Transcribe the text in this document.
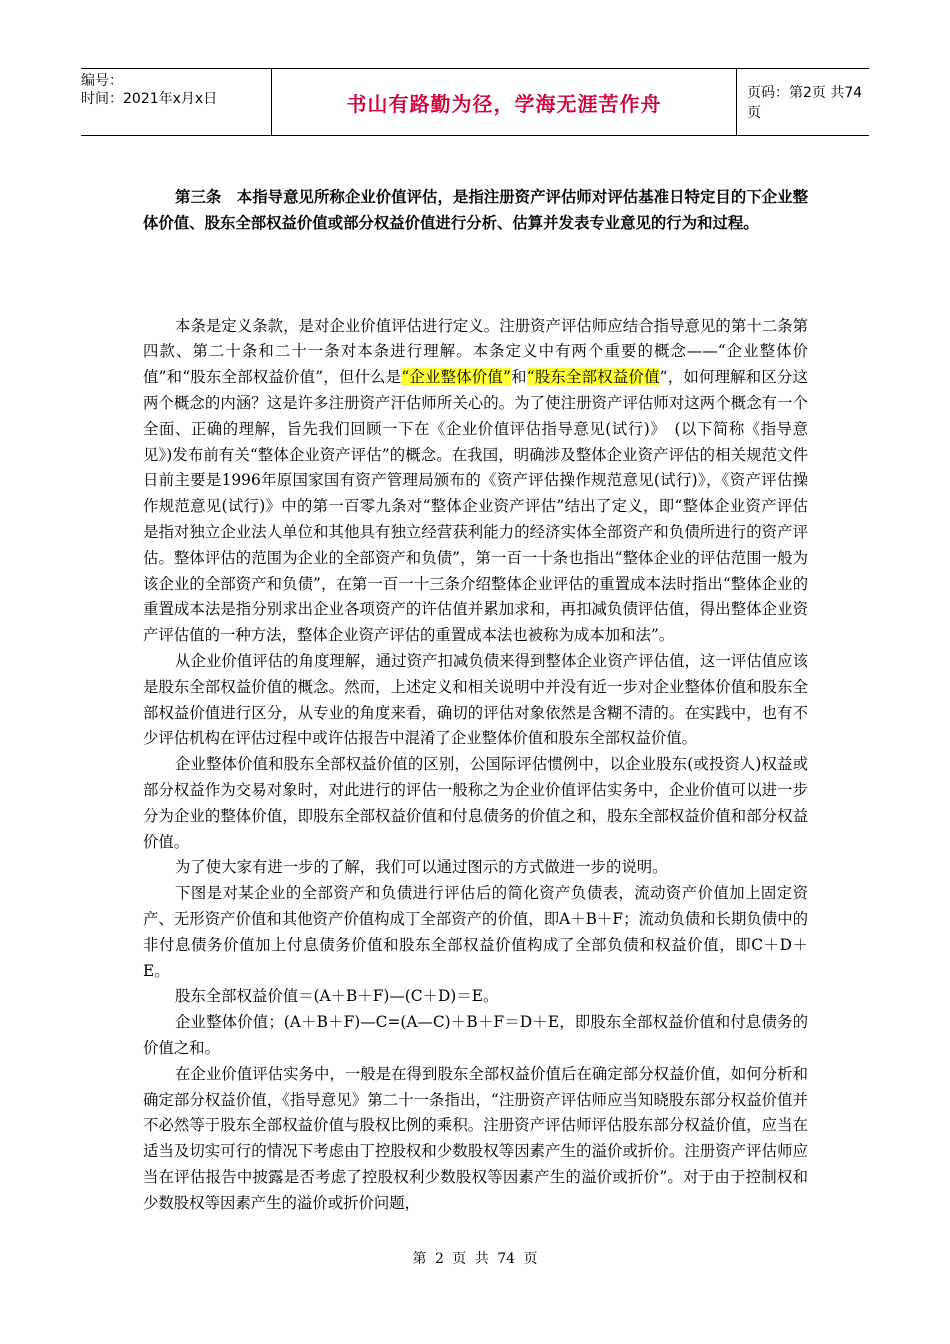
编号：
时间：2021年x月x日	书山有路勤为径，学海无涯苦作舟	页码：第2页 共74页

第三条　本指导意见所称企业价值评估，是指注册资产评估师对评估基准日特定目的下企业整体价值、股东全部权益价值或部分权益价值进行分析、估算并发表专业意见的行为和过程。

本条是定义条款，是对企业价值评估进行定义。注册资产评估师应结合指导意见的第十二条第四款、第二十条和二十一条对本条进行理解。本条定义中有两个重要的概念——“企业整体价值”和“股东全部权益价值”，但什么是“企业整体价值”和“股东全部权益价值”，如何理解和区分这两个概念的内涵？这是许多注册资产汗估师所关心的。为了使注册资产评估师对这两个概念有一个全面、正确的理解，旨先我们回顾一下在《企业价值评估指导意见(试行)》　(以下简称《指导意见》)发布前有关“整体企业资产评估”的概念。在我国，明确涉及整体企业资产评估的相关规范文件日前主要是1996年原国家国有资产管理局颁布的《资产评估操作规范意见(试行)》，《资产评估操作规范意见(试行)》中的第一百零九条对“整体企业资产评估”结出了定义，即“整体企业资产评估是指对独立企业法人单位和其他具有独立经营获利能力的经济实体全部资产和负债所进行的资产评估。整体评估的范围为企业的全部资产和负债”，第一百一十条也指出“整体企业的评估范围一般为该企业的全部资产和负债”，在第一百一十三条介绍整体企业评估的重置成本法时指出“整体企业的重置成本法是指分别求出企业各项资产的许估值并累加求和，再扣减负债评估值，得出整体企业资产评估值的一种方法，整体企业资产评估的重置成本法也被称为成本加和法”。

从企业价值评估的角度理解，通过资产扣减负债来得到整体企业资产评估值，这一评估值应该是股东全部权益价值的概念。然而，上述定义和相关说明中并没有近一步对企业整体价值和股东全部权益价值进行区分，从专业的角度来看，确切的评估对象依然是含糊不清的。在实践中，也有不少评估机构在评估过程中或许估报告中混淆了企业整体价值和股东全部权益价值。

企业整体价值和股东全部权益价值的区别，公国际评估惯例中，以企业股东(或投资人)权益或部分权益作为交易对象时，对此进行的评估一般称之为企业价值评估实务中，企业价值可以进一步分为企业的整体价值，即股东全部权益价值和付息债务的价值之和，股东全部权益价值和部分权益价值。

为了使大家有进一步的了解，我们可以通过图示的方式做进一步的说明。

下图是对某企业的全部资产和负债进行评估后的简化资产负债表，流动资产价值加上固定资产、无形资产价值和其他资产价值构成丁全部资产的价值，即A＋B＋F；流动负债和长期负债中的非付息债务价值加上付息债务价值和股东全部权益价值构成了全部负债和权益价值，即C＋D＋E。

股东全部权益价值＝(A＋B＋F)—(C＋D)＝E。

企业整体价值；(A＋B＋F)—C=(A—C)＋B＋F＝D＋E，即股东全部权益价值和付息债务的价值之和。

在企业价值评估实务中，一般是在得到股东全部权益价值后在确定部分权益价值，如何分析和确定部分权益价值，《指导意见》第二十一条指出，“注册资产评估师应当知晓股东部分权益价值并不必然等于股东全部权益价值与股权比例的乘积。注册资产评估师评估股东部分权益价值，应当在适当及切实可行的情况下考虑由丁控股权和少数股权等因素产生的溢价或折价。注册资产评估师应当在评估报告中披露是否考虑了控股权利少数股权等因素产生的溢价或折价”。对于由于控制权和少数股权等因素产生的溢价或折价问题，

第 2 页 共 74 页
